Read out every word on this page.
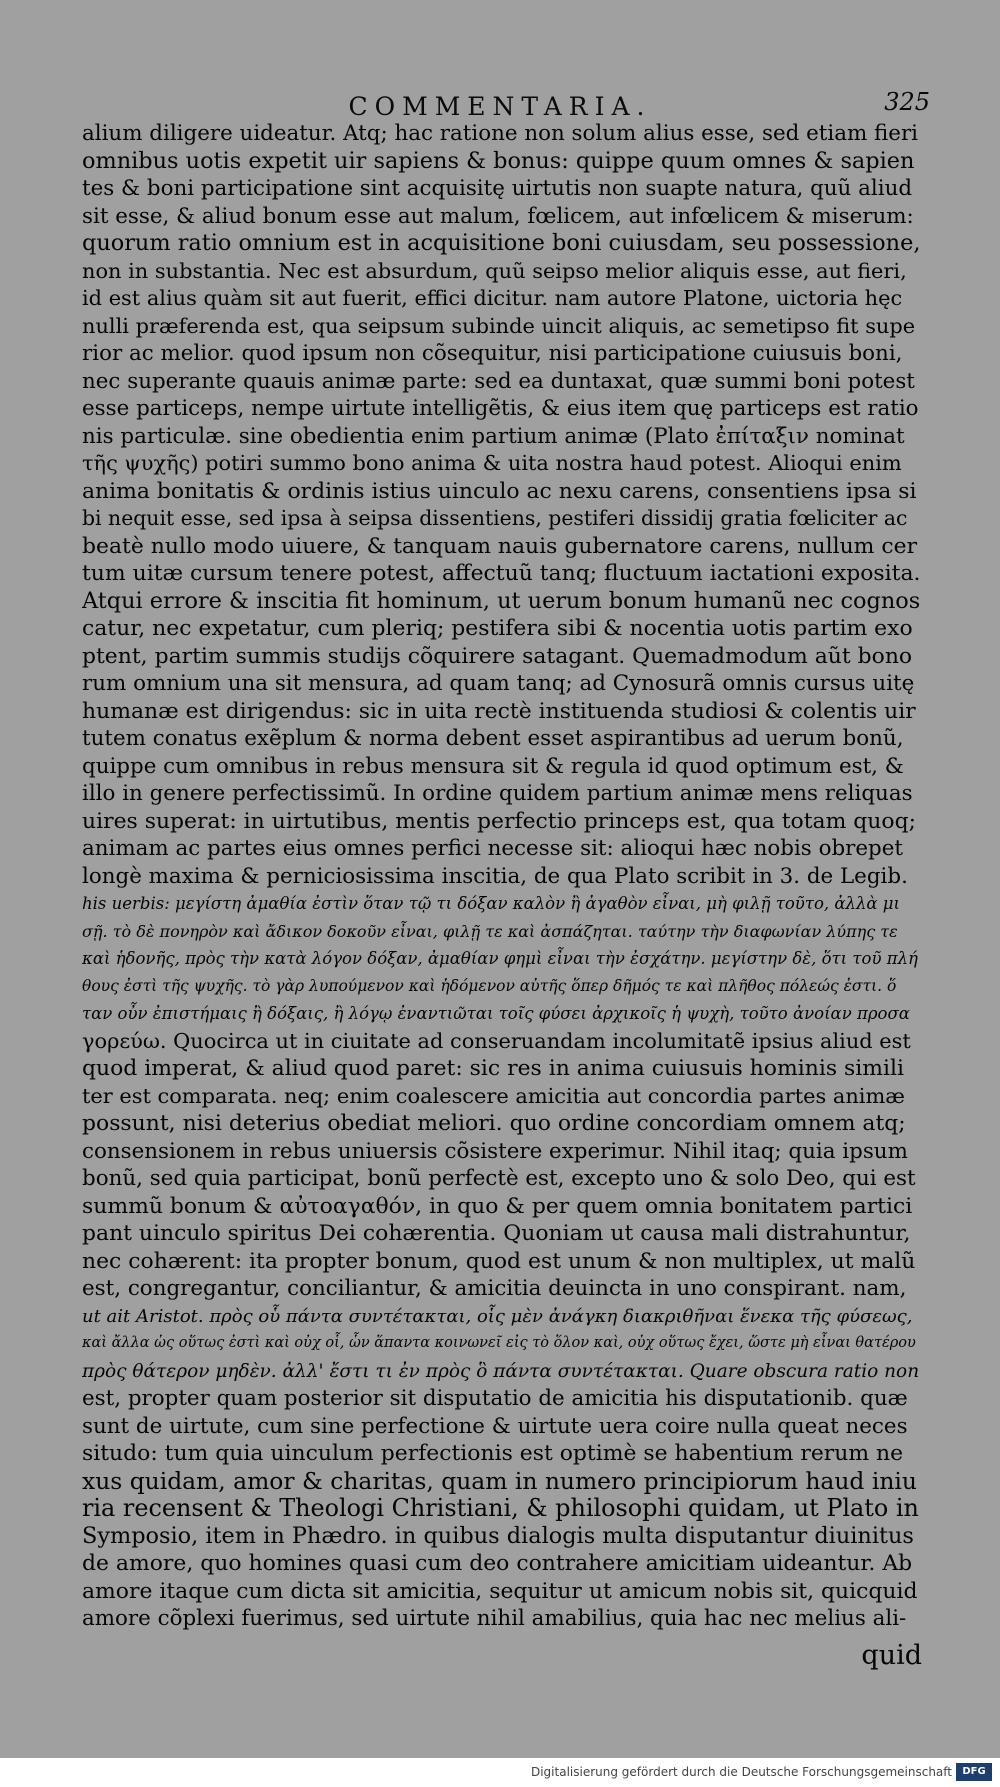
COMMENTARIA.	325
alium diligere uideatur. Atq; hac ratione non solum alius esse, sed etiam fieri
omnibus uotis expetit uir sapiens & bonus: quippe quum omnes & sapien
tes & boni participatione sint acquisitę uirtutis non suapte natura, quũ aliud
sit esse, & aliud bonum esse aut malum, fœlicem, aut infœlicem & miserum:
quorum ratio omnium est in acquisitione boni cuiusdam, seu possessione,
non in substantia. Nec est absurdum, quũ seipso melior aliquis esse, aut fieri,
id est alius quàm sit aut fuerit, effici dicitur. nam autore Platone, uictoria hęc
nulli præferenda est, qua seipsum subinde uincit aliquis, ac semetipso fit supe
rior ac melior. quod ipsum non cõsequitur, nisi participatione cuiusuis boni,
nec superante quauis animæ parte: sed ea duntaxat, quæ summi boni potest
esse particeps, nempe uirtute intelligẽtis, & eius item quę particeps est ratio
nis particulæ. sine obedientia enim partium animæ (Plato ἐπίταξιν nominat
τῆς ψυχῆς) potiri summo bono anima & uita nostra haud potest. Alioqui enim
anima bonitatis & ordinis istius uinculo ac nexu carens, consentiens ipsa si
bi nequit esse, sed ipsa à seipsa dissentiens, pestiferi dissidij gratia fœliciter ac
beatè nullo modo uiuere, & tanquam nauis gubernatore carens, nullum cer
tum uitæ cursum tenere potest, affectuũ tanq; fluctuum iactationi exposita.
Atqui errore & inscitia fit hominum, ut uerum bonum humanũ nec cognos
catur, nec expetatur, cum pleriq; pestifera sibi & nocentia uotis partim exo
ptent, partim summis studijs cõquirere satagant. Quemadmodum aũt bono
rum omnium una sit mensura, ad quam tanq; ad Cynosurã omnis cursus uitę
humanæ est dirigendus: sic in uita rectè instituenda studiosi & colentis uir
tutem conatus exẽplum & norma debent esset aspirantibus ad uerum bonũ,
quippe cum omnibus in rebus mensura sit & regula id quod optimum est, &
illo in genere perfectissimũ. In ordine quidem partium animæ mens reliquas
uires superat: in uirtutibus, mentis perfectio princeps est, qua totam quoq;
animam ac partes eius omnes perfici necesse sit: alioqui hæc nobis obrepet
longè maxima & perniciosissima inscitia, de qua Plato scribit in 3. de Legib.
his uerbis: μεγίστη ἀμαθία ἐστὶν ὅταν τῷ τι δόξαν καλὸν ἢ ἀγαθὸν εἶναι, μὴ φιλῇ τοῦτο, ἀλλὰ μι
σῇ. τὸ δὲ πονηρὸν καὶ ἄδικον δοκοῦν εἶναι, φιλῇ τε καὶ ἀσπάζηται. ταύτην τὴν διαφωνίαν λύπης τε
καὶ ἡδονῆς, πρὸς τὴν κατὰ λόγον δόξαν, ἀμαθίαν φημὶ εἶναι τὴν ἐσχάτην. μεγίστην δὲ, ὅτι τοῦ πλή
θους ἐστὶ τῆς ψυχῆς. τὸ γὰρ λυπούμενον καὶ ἡδόμενον αὐτῆς ὅπερ δῆμός τε καὶ πλῆθος πόλεώς ἐστι. ὅ
ταν οὖν ἐπιστήμαις ἢ δόξαις, ἢ λόγῳ ἐναντιῶται τοῖς φύσει ἀρχικοῖς ἡ ψυχὴ, τοῦτο ἀνοίαν προσα
γορεύω. Quocirca ut in ciuitate ad conseruandam incolumitatẽ ipsius aliud est
quod imperat, & aliud quod paret: sic res in anima cuiusuis hominis simili
ter est comparata. neq; enim coalescere amicitia aut concordia partes animæ
possunt, nisi deterius obediat meliori. quo ordine concordiam omnem atq;
consensionem in rebus uniuersis cõsistere experimur. Nihil itaq; quia ipsum
bonũ, sed quia participat, bonũ perfectè est, excepto uno & solo Deo, qui est
summũ bonum & αὐτοαγαθόν, in quo & per quem omnia bonitatem partici
pant uinculo spiritus Dei cohærentia. Quoniam ut causa mali distrahuntur,
nec cohærent: ita propter bonum, quod est unum & non multiplex, ut malũ
est, congregantur, conciliantur, & amicitia deuincta in uno conspirant. nam,
ut ait Aristot. πρὸς οὗ πάντα συντέτακται, οἷς μὲν ἀνάγκη διακριθῆναι ἕνεκα τῆς φύσεως,
καὶ ἄλλα ὡς οὕτως ἐστὶ καὶ οὐχ οἷ, ὧν ἅπαντα κοινωνεῖ εἰς τὸ ὅλον καὶ, οὐχ οὕτως ἔχει, ὥστε μὴ εἶναι θατέρου
πρὸς θάτερον μηδὲν. ἀλλ' ἔστι τι ἐν πρὸς ὃ πάντα συντέτακται. Quare obscura ratio non
est, propter quam posterior sit disputatio de amicitia his disputationib. quæ
sunt de uirtute, cum sine perfectione & uirtute uera coire nulla queat neces
situdo: tum quia uinculum perfectionis est optimè se habentium rerum ne
xus quidam, amor & charitas, quam in numero principiorum haud iniu
ria recensent & Theologi Christiani, & philosophi quidam, ut Plato in
Symposio, item in Phædro. in quibus dialogis multa disputantur diuinitus
de amore, quo homines quasi cum deo contrahere amicitiam uideantur. Ab
amore itaque cum dicta sit amicitia, sequitur ut amicum nobis sit, quicquid
amore cõplexi fuerimus, sed uirtute nihil amabilius, quia hac nec melius ali-
quid
Digitalisierung gefördert durch die Deutsche Forschungsgemeinschaft	DFG
